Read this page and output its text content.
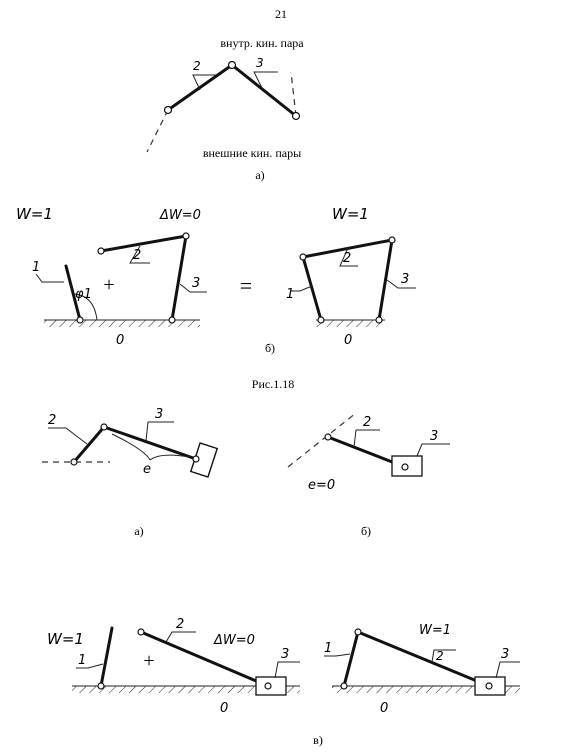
21
внутр. кин. пара
2	3
внешние кин. пары
а)
W=1	ΔW=0	W=1
φ1
1
+
2
3
0
=	1
2
3
0
б)
Рис.1.18
e
2	3
а)
2
3
e=0
б)
W=1	ΔW=0
W=1
1	+
2
3
0
1	2	3
0
в)
